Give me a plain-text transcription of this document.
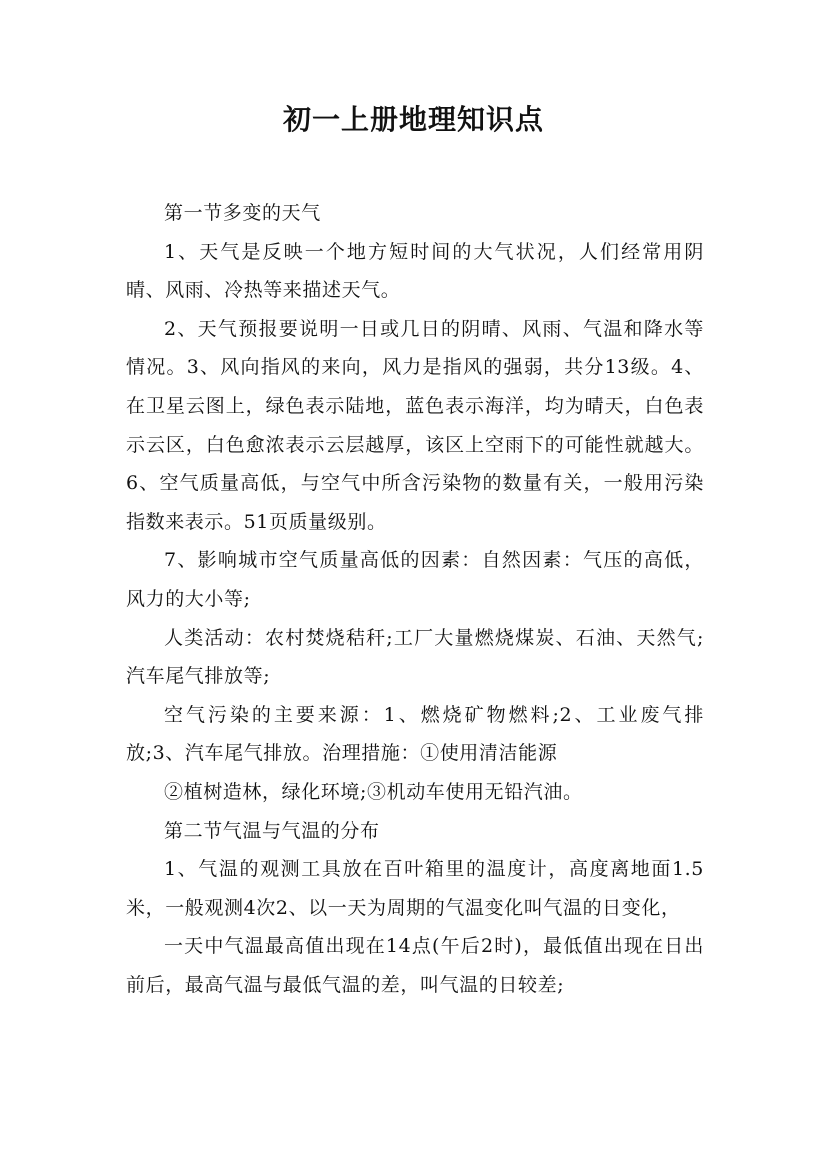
初一上册地理知识点

第一节多变的天气

1、天气是反映一个地方短时间的大气状况，人们经常用阴晴、风雨、冷热等来描述天气。

2、天气预报要说明一日或几日的阴晴、风雨、气温和降水等情况。3、风向指风的来向，风力是指风的强弱，共分13级。4、在卫星云图上，绿色表示陆地，蓝色表示海洋，均为晴天，白色表示云区，白色愈浓表示云层越厚，该区上空雨下的可能性就越大。6、空气质量高低，与空气中所含污染物的数量有关，一般用污染指数来表示。51页质量级别。

7、影响城市空气质量高低的因素：自然因素：气压的高低，风力的大小等;

人类活动：农村焚烧秸秆;工厂大量燃烧煤炭、石油、天然气;汽车尾气排放等;

空气污染的主要来源：1、燃烧矿物燃料;2、工业废气排放;3、汽车尾气排放。治理措施：①使用清洁能源

②植树造林，绿化环境;③机动车使用无铅汽油。

第二节气温与气温的分布

1、气温的观测工具放在百叶箱里的温度计，高度离地面1.5米，一般观测4次2、以一天为周期的气温变化叫气温的日变化，

一天中气温最高值出现在14点(午后2时)，最低值出现在日出前后，最高气温与最低气温的差，叫气温的日较差;
